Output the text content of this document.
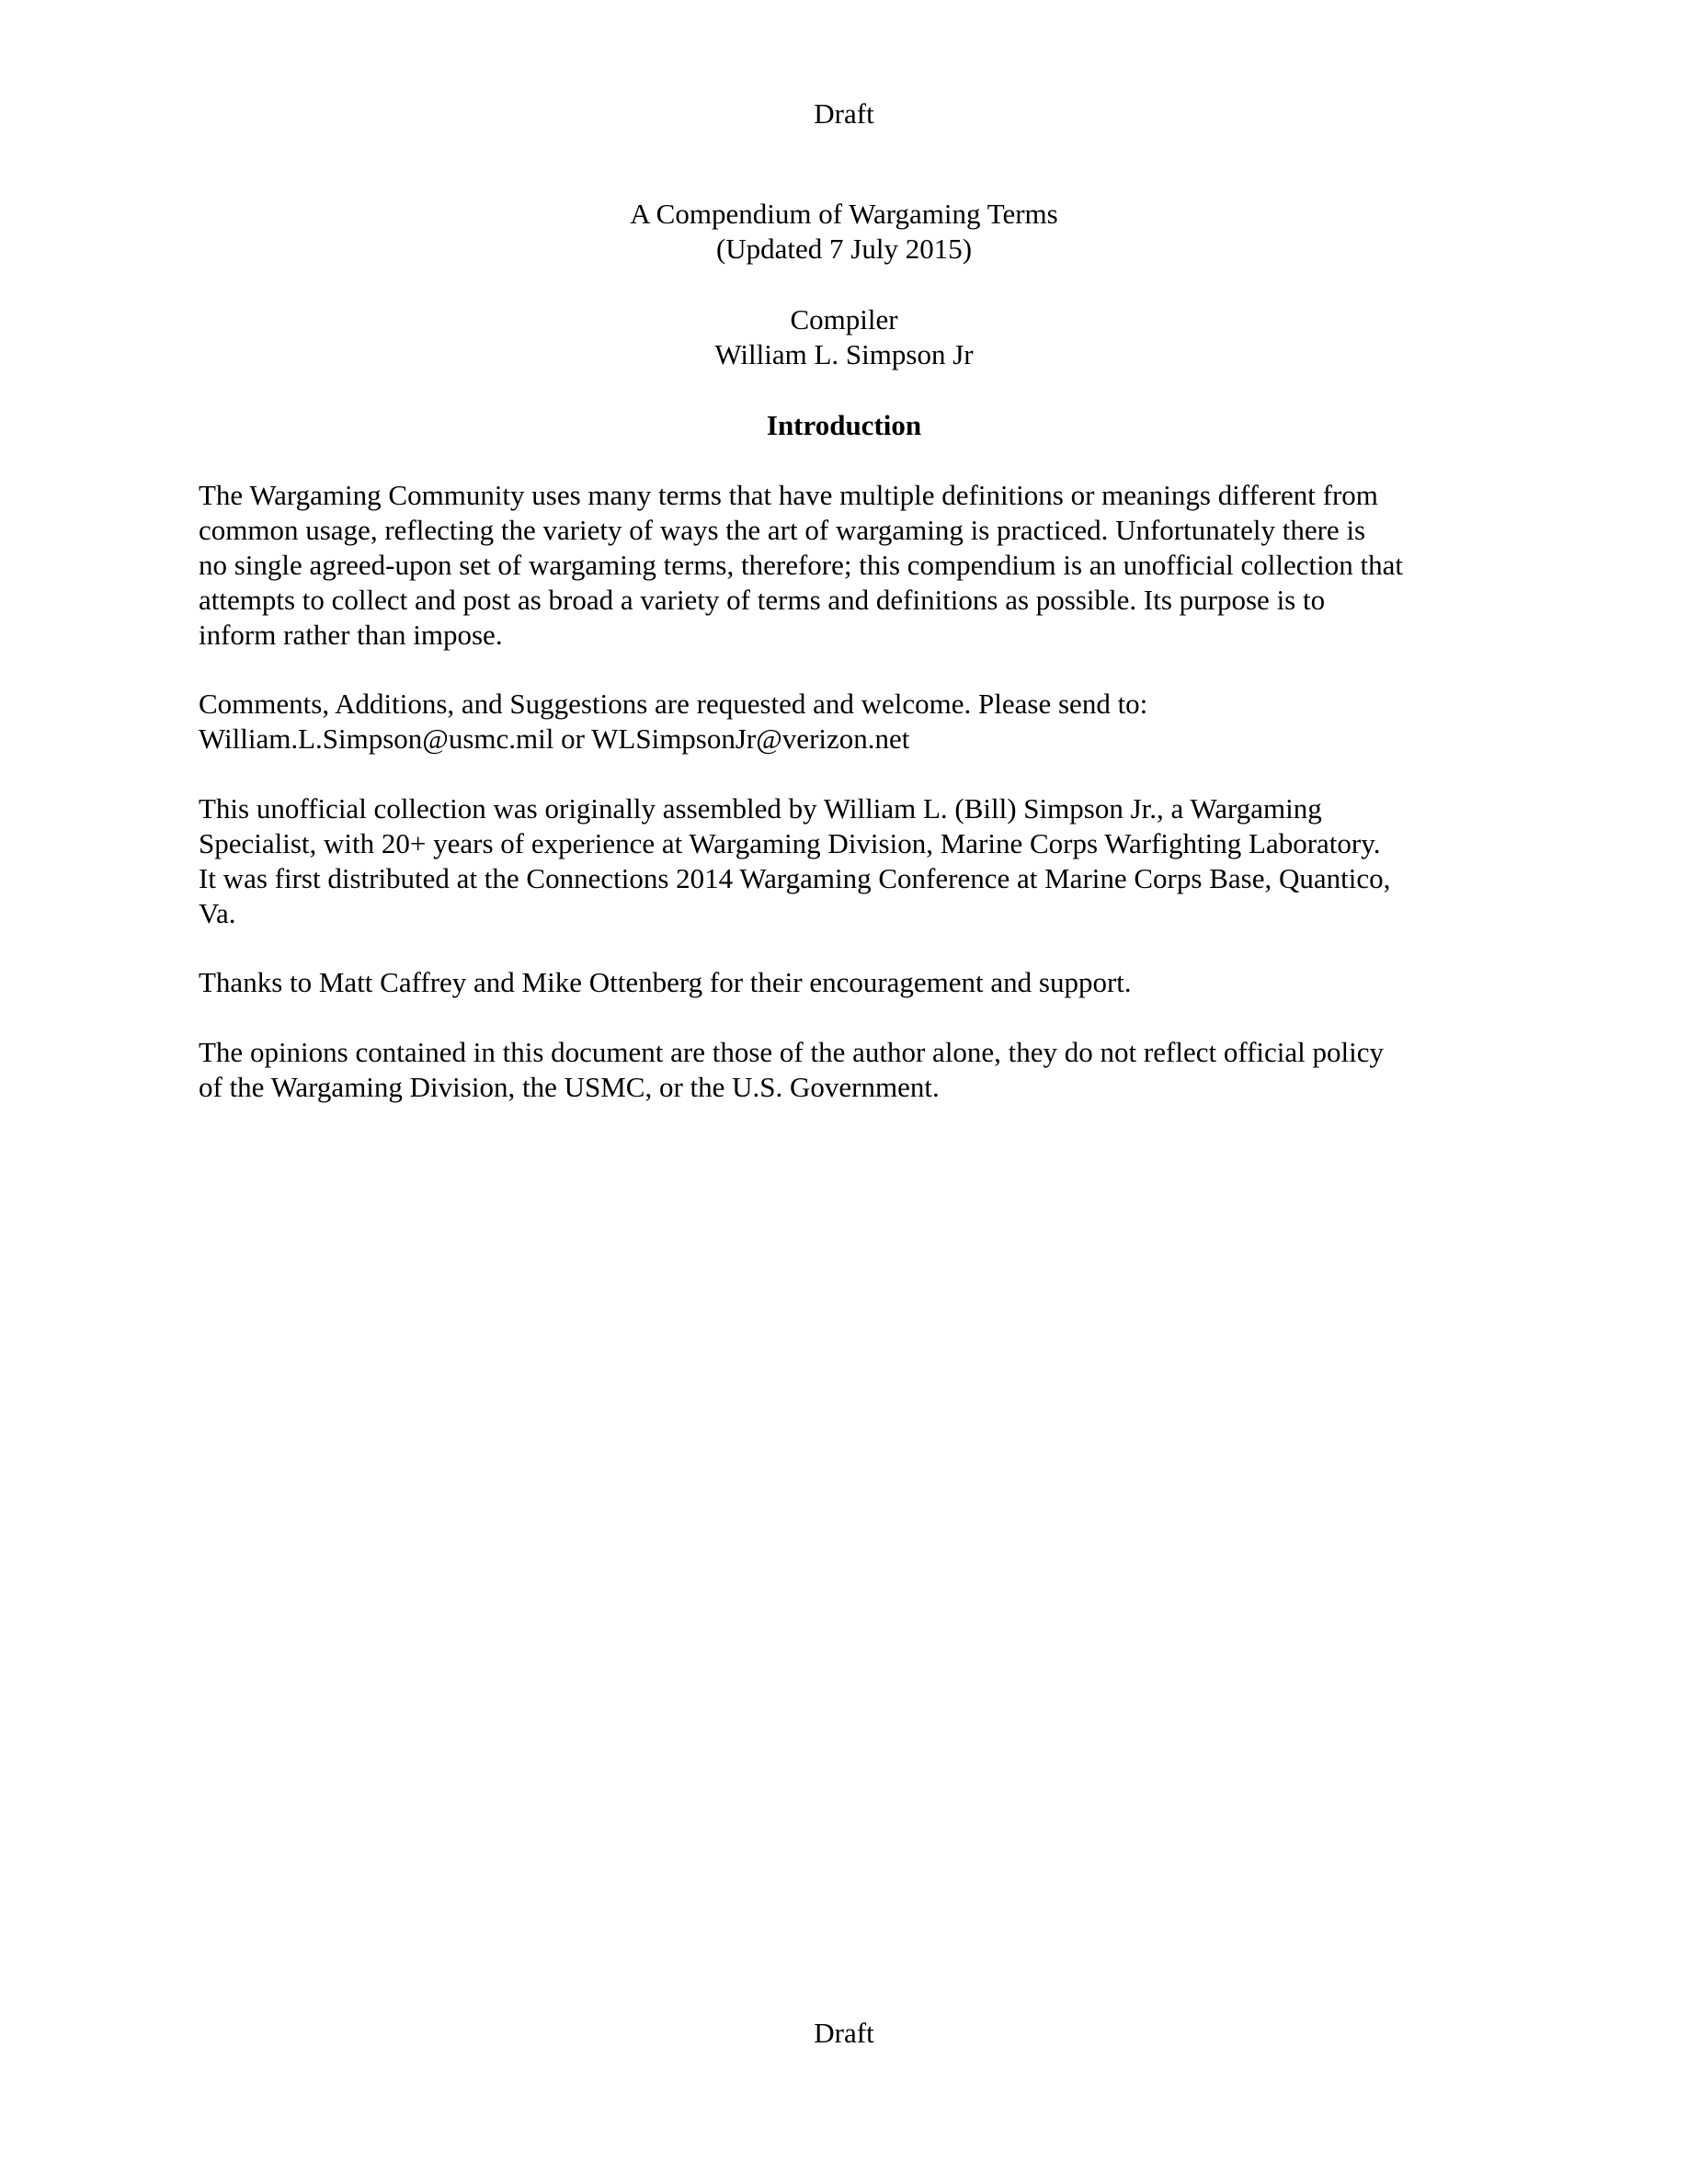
Draft
A Compendium of Wargaming Terms
(Updated 7 July 2015)
Compiler
William L. Simpson Jr
Introduction
The Wargaming Community uses many terms that have multiple definitions or meanings different from
common usage, reflecting the variety of ways the art of wargaming is practiced. Unfortunately there is
no single agreed-upon set of wargaming terms, therefore; this compendium is an unofficial collection that
attempts to collect and post as broad a variety of terms and definitions as possible. Its purpose is to
inform rather than impose.
Comments, Additions, and Suggestions are requested and welcome. Please send to:
William.L.Simpson@usmc.mil or WLSimpsonJr@verizon.net
This unofficial collection was originally assembled by William L. (Bill) Simpson Jr., a Wargaming
Specialist, with 20+ years of experience at Wargaming Division, Marine Corps Warfighting Laboratory.
It was first distributed at the Connections 2014 Wargaming Conference at Marine Corps Base, Quantico,
Va.
Thanks to Matt Caffrey and Mike Ottenberg for their encouragement and support.
The opinions contained in this document are those of the author alone, they do not reflect official policy
of the Wargaming Division, the USMC, or the U.S. Government.
Draft
